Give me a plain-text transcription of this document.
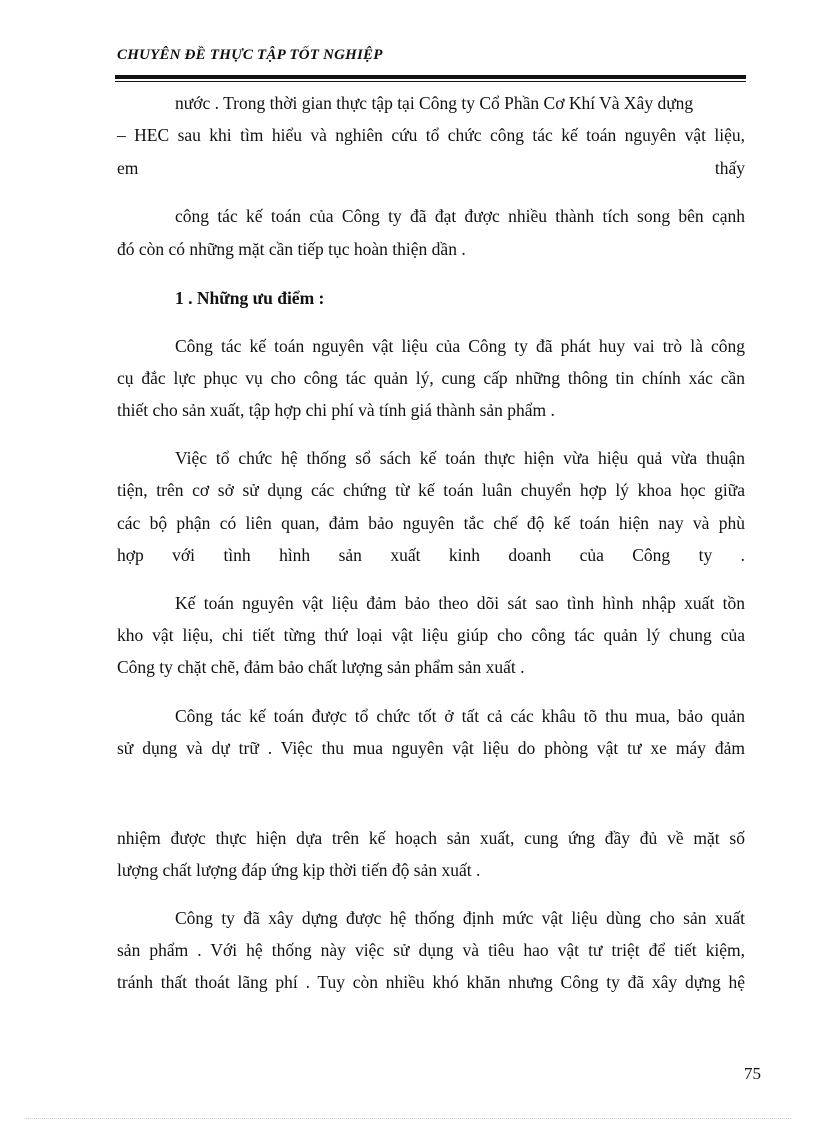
CHUYÊN ĐỀ THỰC TẬP TỐT NGHIỆP
nước . Trong thời gian thực tập tại Công ty Cổ Phần Cơ Khí Và Xây dựng
– HEC sau khi tìm hiểu và nghiên cứu tổ chức công tác kế toán nguyên vật liệu,
em	thấy
công tác kế toán của Công ty đã đạt được nhiều thành tích song bên cạnh
đó còn có những mặt cần tiếp tục hoàn thiện dần .
1 . Những ưu điểm :
Công tác kế toán nguyên vật liệu của Công ty đã phát huy vai trò là công
cụ đắc lực phục vụ cho công tác quản lý, cung cấp những thông tin chính xác cần
thiết cho sản xuất, tập hợp chi phí và tính giá thành sản phẩm .
Việc tổ chức hệ thống sổ sách kế toán thực hiện vừa hiệu quả vừa thuận
tiện, trên cơ sở sử dụng các chứng từ kế toán luân chuyển hợp lý khoa học giữa
các bộ phận có liên quan, đảm bảo nguyên tắc chế độ kế toán hiện nay và phù
hợp với tình hình sản xuất kinh doanh của Công ty .
Kế toán nguyên vật liệu đảm bảo theo dõi sát sao tình hình nhập xuất tồn
kho vật liệu, chi tiết từng thứ loại vật liệu giúp cho công tác quản lý chung của
Công ty chặt chẽ, đảm bảo chất lượng sản phẩm sản xuất .
Công tác kế toán được tổ chức tốt ở tất cả các khâu tõ thu mua, bảo quản
sử dụng và dự trữ . Việc thu mua nguyên vật liệu do phòng vật tư xe máy đảm
nhiệm được thực hiện dựa trên kế hoạch sản xuất, cung ứng đầy đủ về mặt số
lượng chất lượng đáp ứng kịp thời tiến độ sản xuất .
Công ty đã xây dựng được hệ thống định mức vật liệu dùng cho sản xuất
sản phẩm . Với hệ thống này việc sử dụng và tiêu hao vật tư triệt để tiết kiệm,
tránh thất thoát lãng phí . Tuy còn nhiều khó khăn nhưng Công ty đã xây dựng hệ
75
